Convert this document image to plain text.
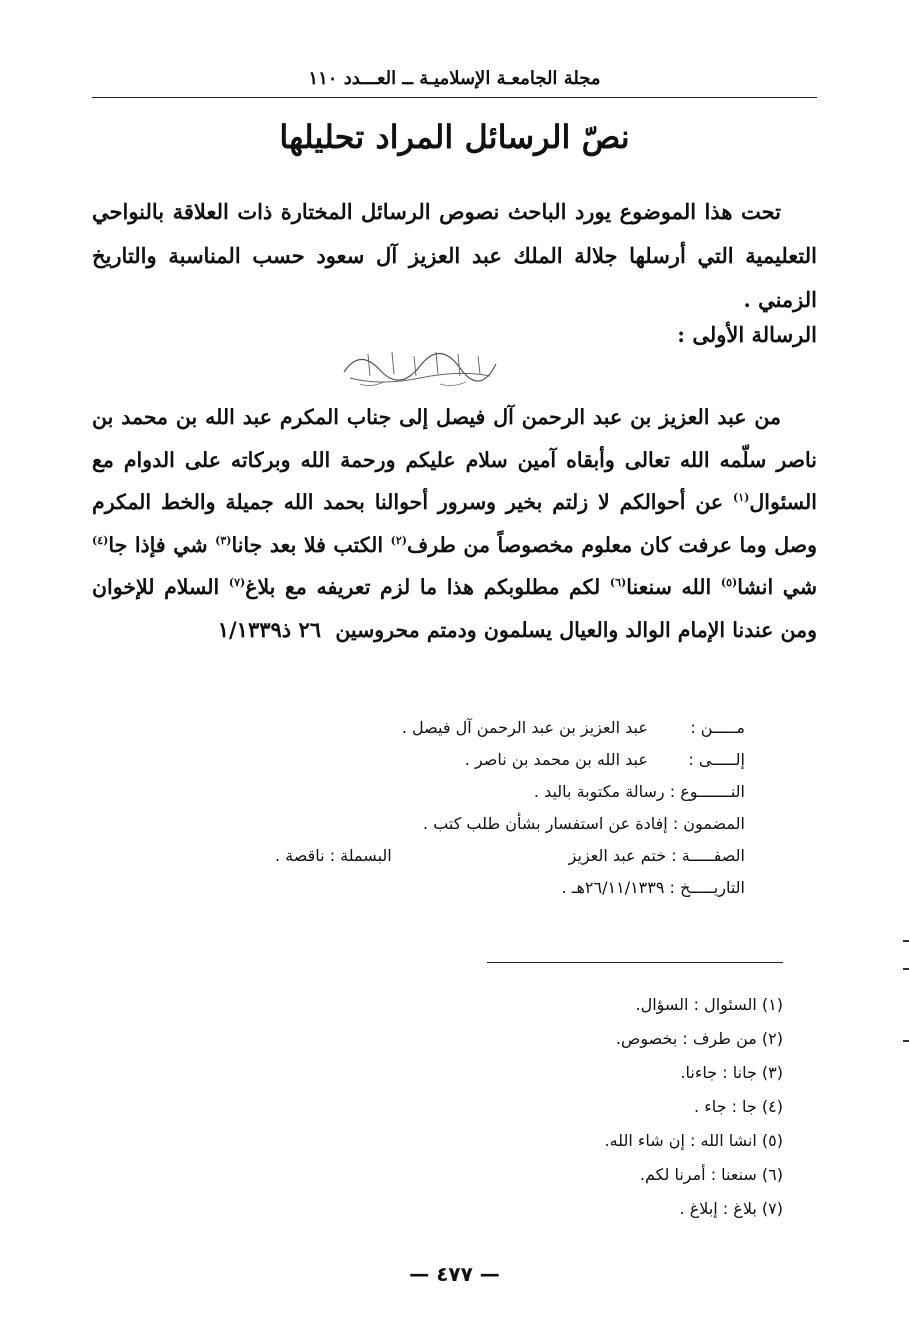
مجلة الجامعـة الإسلاميـة ــ العـــدد ١١٠
نصّ الرسائل المراد تحليلها

تحت هذا الموضوع يورد الباحث نصوص الرسائل المختارة ذات العلاقة بالنواحي التعليمية التي أرسلها جلالة الملك عبد العزيز آل سعود حسب المناسبة والتاريخ الزمني .

الرسالة الأولى :

من عبد العزيز بن عبد الرحمن آل فيصل إلى جناب المكرم عبد الله بن محمد بن ناصر سلّمه الله تعالى وأبقاه آمين سلام عليكم ورحمة الله وبركاته على الدوام مع السئوال$^{(١)}$ عن أحوالكم لا زلتم بخير وسرور أحوالنا بحمد الله جميلة والخط المكرم وصل وما عرفت كان معلوم مخصوصاً من طرف$^{(٢)}$ الكتب فلا بعد جانا$^{(٣)}$ شي فإذا جا$^{(٤)}$ شي انشا$^{(٥)}$ الله سنعنا$^{(٦)}$ لكم مطلوبكم هذا ما لزم تعريفه مع بلاغ$^{(٧)}$ السلام للإخوان ومن عندنا الإمام الوالد والعيال يسلمون ودمتم محروسين  ٢٦ ذ١/١٣٣٩

مـــــن : عبد العزيز بن عبد الرحمن آل فيصل .
إلـــــى : عبد الله بن محمد بن ناصر .
النـــــــوع : رسالة مكتوبة باليد .
المضمون : إفادة عن استفسار بشأن طلب كتب .
الصفـــــة : ختم عبد العزيز
البسملة : ناقصة .
التاريـــــخ : ٢٦/١١/١٣٣٩هـ .
(١) السئوال : السؤال.
(٢) من طرف : بخصوص.
(٣) جانا : جاءنا.
(٤) جا : جاء .
(٥) انشا الله : إن شاء الله.
(٦) سنعنا : أمرنا لكم.
(٧) بلاغ : إبلاغ .
— ٤٧٧ —
